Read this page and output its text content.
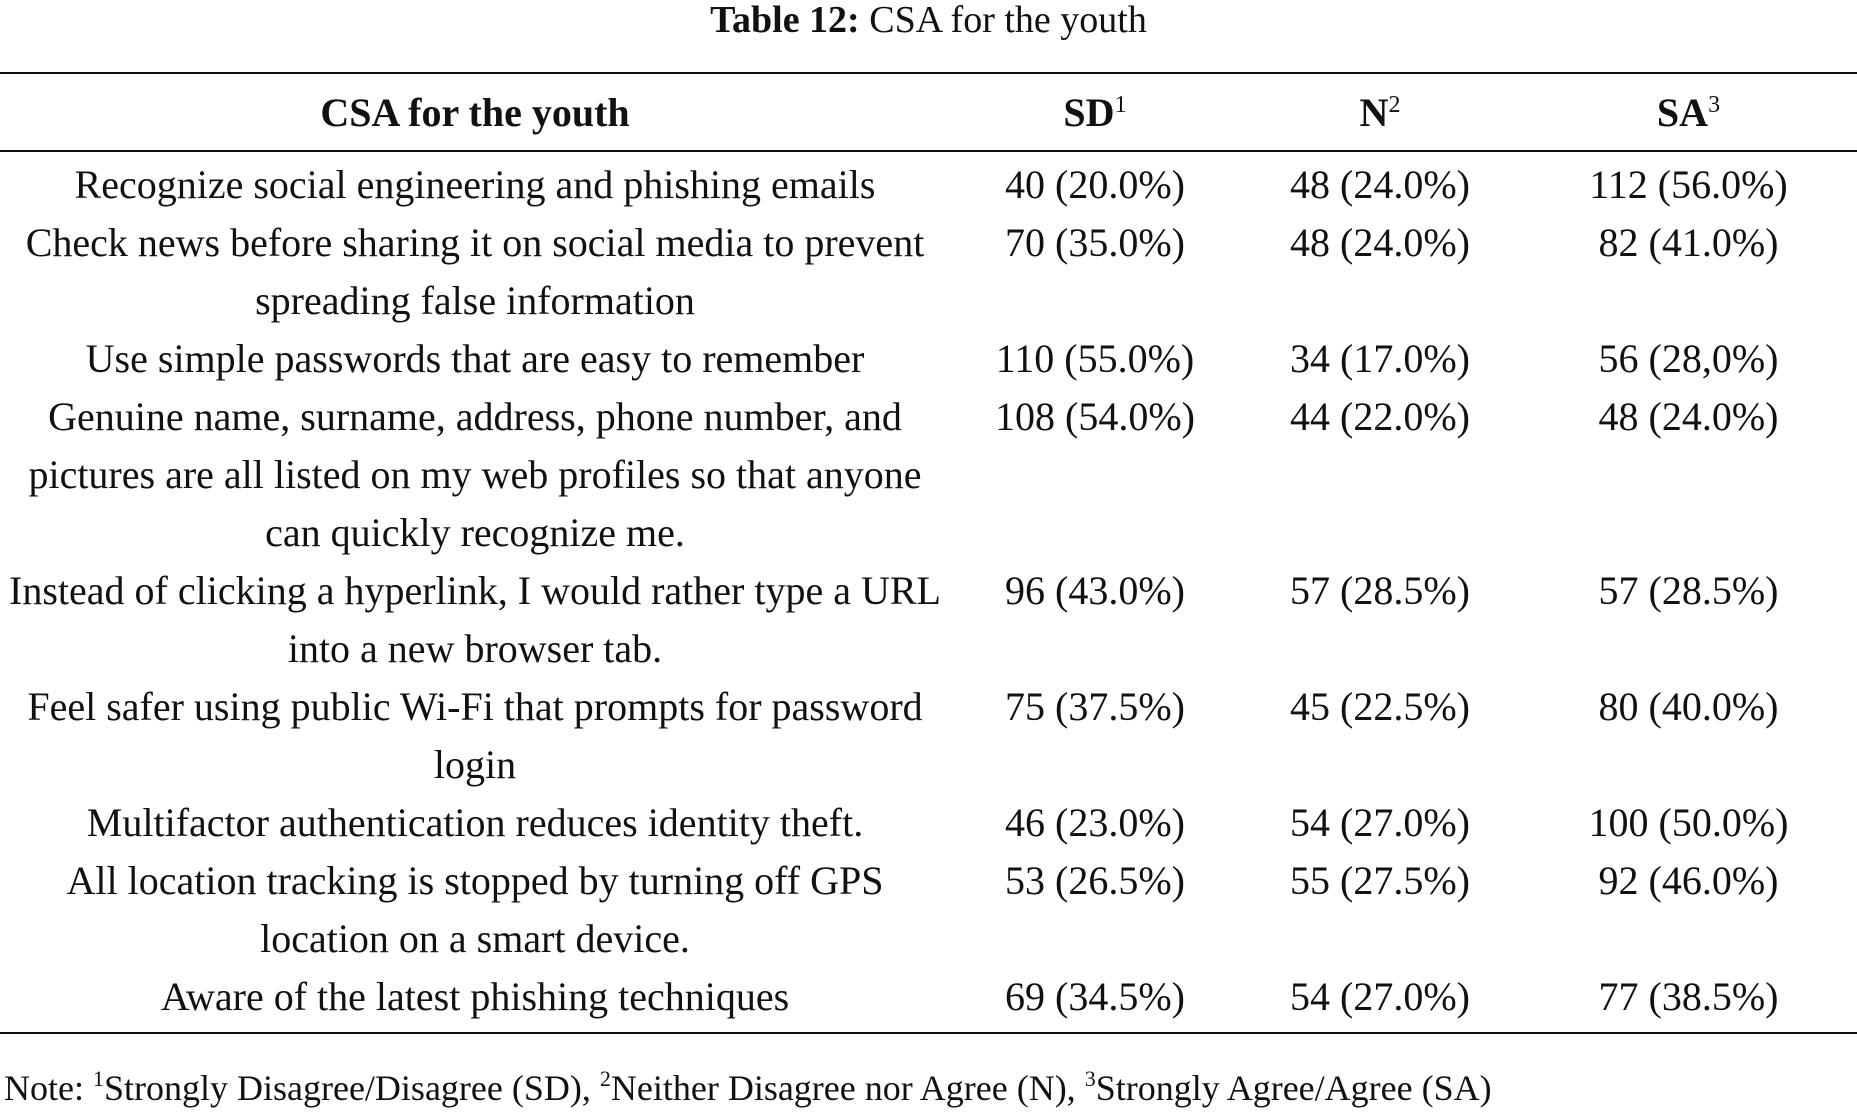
Table 12: CSA for the youth
CSA for the youth	$SD^1$	$N^2$	$SA^3$
Recognize social engineering and phishing emails	40 (20.0%)	48 (24.0%)	112 (56.0%)
Check news before sharing it on social media to prevent spreading false information	70 (35.0%)	48 (24.0%)	82 (41.0%)
Use simple passwords that are easy to remember	110 (55.0%)	34 (17.0%)	56 (28,0%)
Genuine name, surname, address, phone number, and pictures are all listed on my web profiles so that anyone can quickly recognize me.	108 (54.0%)	44 (22.0%)	48 (24.0%)
Instead of clicking a hyperlink, I would rather type a URL into a new browser tab.	96 (43.0%)	57 (28.5%)	57 (28.5%)
Feel safer using public Wi-Fi that prompts for password login	75 (37.5%)	45 (22.5%)	80 (40.0%)
Multifactor authentication reduces identity theft.	46 (23.0%)	54 (27.0%)	100 (50.0%)
All location tracking is stopped by turning off GPS location on a smart device.	53 (26.5%)	55 (27.5%)	92 (46.0%)
Aware of the latest phishing techniques	69 (34.5%)	54 (27.0%)	77 (38.5%)
Note: $^1$Strongly Disagree/Disagree (SD), $^2$Neither Disagree nor Agree (N), $^3$Strongly Agree/Agree (SA)
